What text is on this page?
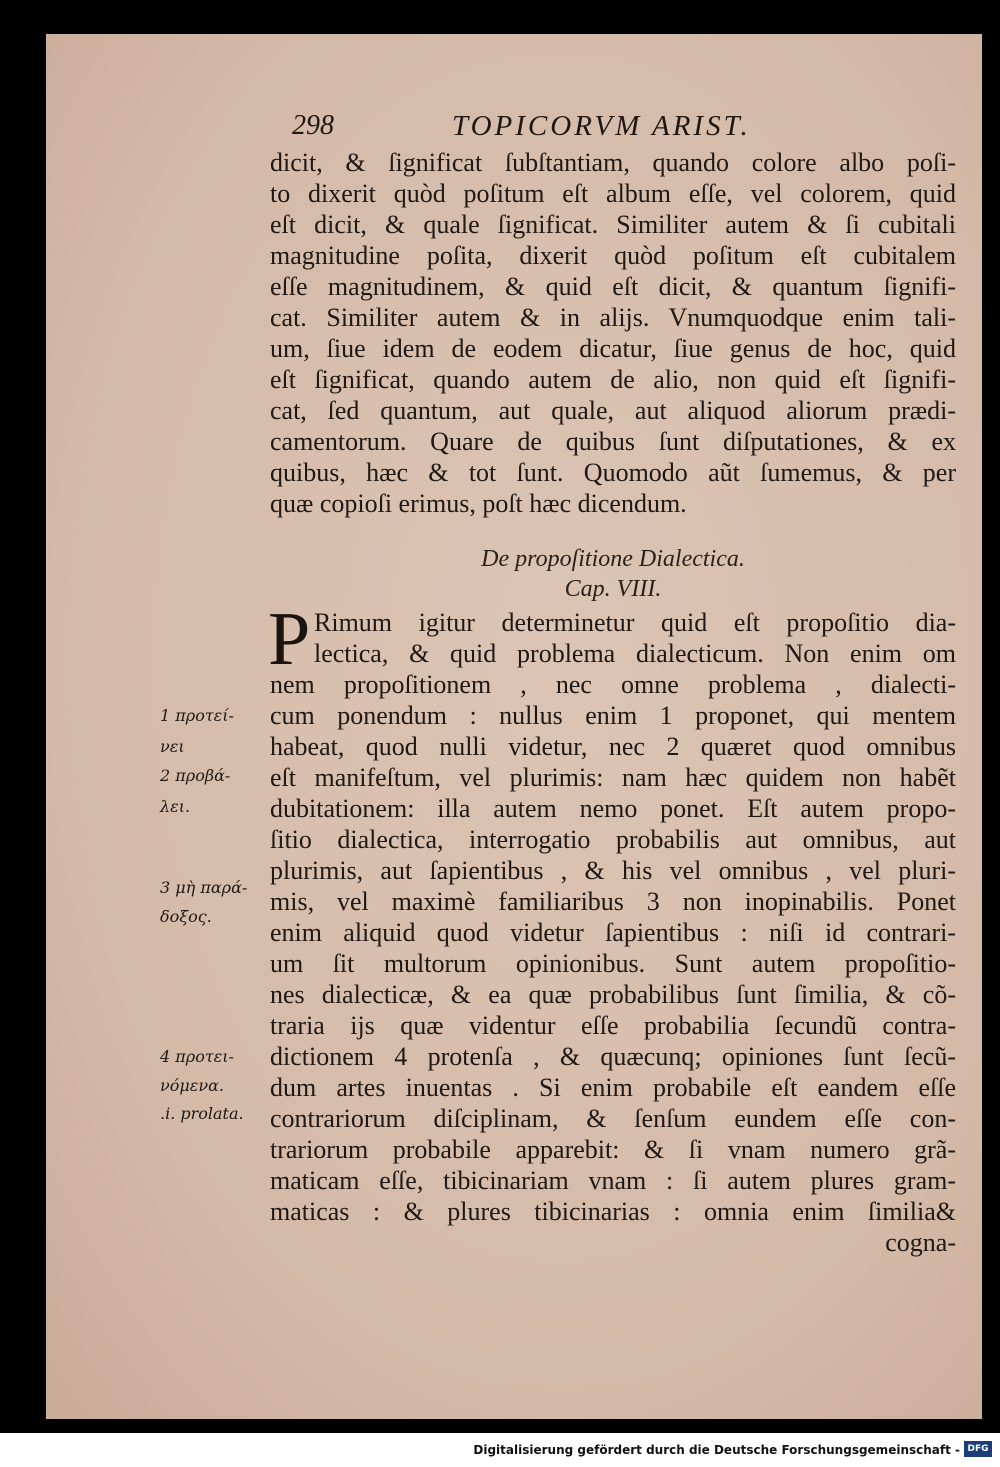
298	TOPICORVM ARIST.
dicit, & ſignificat ſubſtantiam, quando colore albo poſi-
to dixerit quòd poſitum eſt album eſſe, vel colorem, quid
eſt dicit, & quale ſignificat. Similiter autem & ſi cubitali
magnitudine poſita, dixerit quòd poſitum eſt cubitalem
eſſe magnitudinem, & quid eſt dicit, & quantum ſignifi-
cat. Similiter autem & in alijs. Vnumquodque enim tali-
um, ſiue idem de eodem dicatur, ſiue genus de hoc, quid
eſt ſignificat, quando autem de alio, non quid eſt ſignifi-
cat, ſed quantum, aut quale, aut aliquod aliorum prædi-
camentorum. Quare de quibus ſunt diſputationes, & ex
quibus, hæc & tot ſunt. Quomodo aũt ſumemus, & per
quæ copioſi erimus, poſt hæc dicendum.
De propoſitione Dialectica.
Cap. VIII.
P Rimum igitur determinetur quid eſt propoſitio dia-
lectica, & quid problema dialecticum. Non enim om
nem propoſitionem , nec omne problema , dialecti-
cum ponendum : nullus enim 1 proponet, qui mentem
habeat, quod nulli videtur, nec 2 quæret quod omnibus
eſt manifeſtum, vel plurimis: nam hæc quidem non habẽt
dubitationem: illa autem nemo ponet. Eſt autem propo-
ſitio dialectica, interrogatio probabilis aut omnibus, aut
plurimis, aut ſapientibus , & his vel omnibus , vel pluri-
mis, vel maximè familiaribus 3 non inopinabilis. Ponet
enim aliquid quod videtur ſapientibus : niſi id contrari-
um ſit multorum opinionibus. Sunt autem propoſitio-
nes dialecticæ, & ea quæ probabilibus ſunt ſimilia, & cõ-
traria ijs quæ videntur eſſe probabilia ſecundũ contra-
dictionem 4 protenſa , & quæcunq; opiniones ſunt ſecũ-
dum artes inuentas . Si enim probabile eſt eandem eſſe
contrariorum diſciplinam, & ſenſum eundem eſſe con-
trariorum probabile apparebit: & ſi vnam numero grã-
maticam eſſe, tibicinariam vnam : ſi autem plures gram-
maticas : & plures tibicinarias : omnia enim ſimilia&
cogna-
1 προτεί-
νει
2 προβά-
λει.
3 μὴ παρά-
δοξος.
4 προτει-
νόμενα.
.i. prolata.
Digitalisierung gefördert durch die Deutsche Forschungsgemeinschaft - DFG
